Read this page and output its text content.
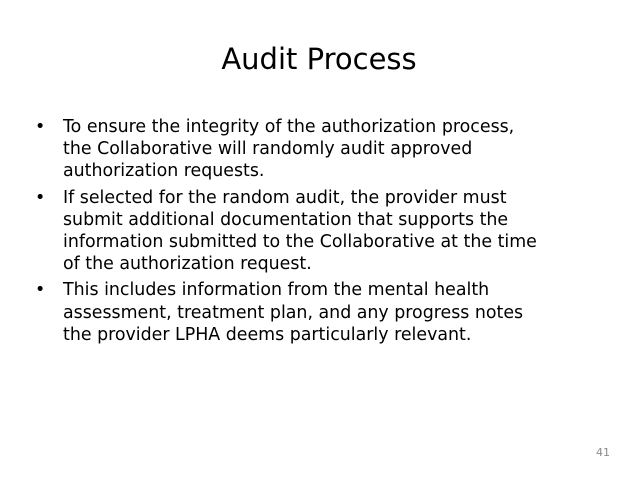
Audit Process
•	To ensure the integrity of the authorization process,
the Collaborative will randomly audit approved
authorization requests.
•	If selected for the random audit, the provider must
submit additional documentation that supports the
information submitted to the Collaborative at the time
of the authorization request.
•	This includes information from the mental health
assessment, treatment plan, and any progress notes
the provider LPHA deems particularly relevant.
41
